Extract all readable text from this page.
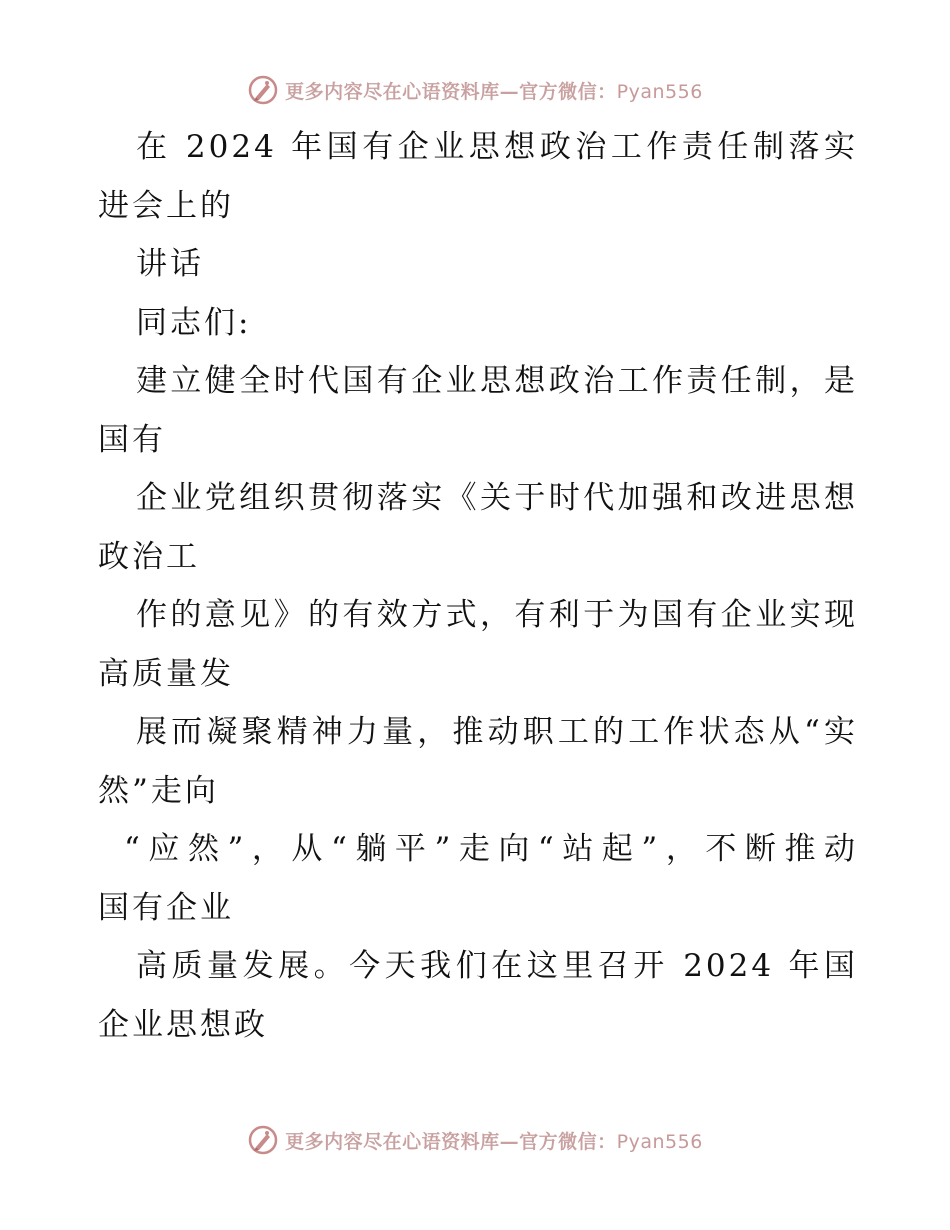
更多内容尽在心语资料库—官方微信：Pyan556
在 2024 年国有企业思想政治工作责任制落实
进会上的
讲话
同志们:
建立健全时代国有企业思想政治工作责任制，是
国有
企业党组织贯彻落实《关于时代加强和改进思想
政治工
作的意见》的有效方式，有利于为国有企业实现
高质量发
展而凝聚精神力量，推动职工的工作状态从“实
然”走向
“应然”，从“躺平”走向“站起”，不断推动
国有企业
高质量发展。今天我们在这里召开 2024 年国
企业思想政
更多内容尽在心语资料库—官方微信：Pyan556
